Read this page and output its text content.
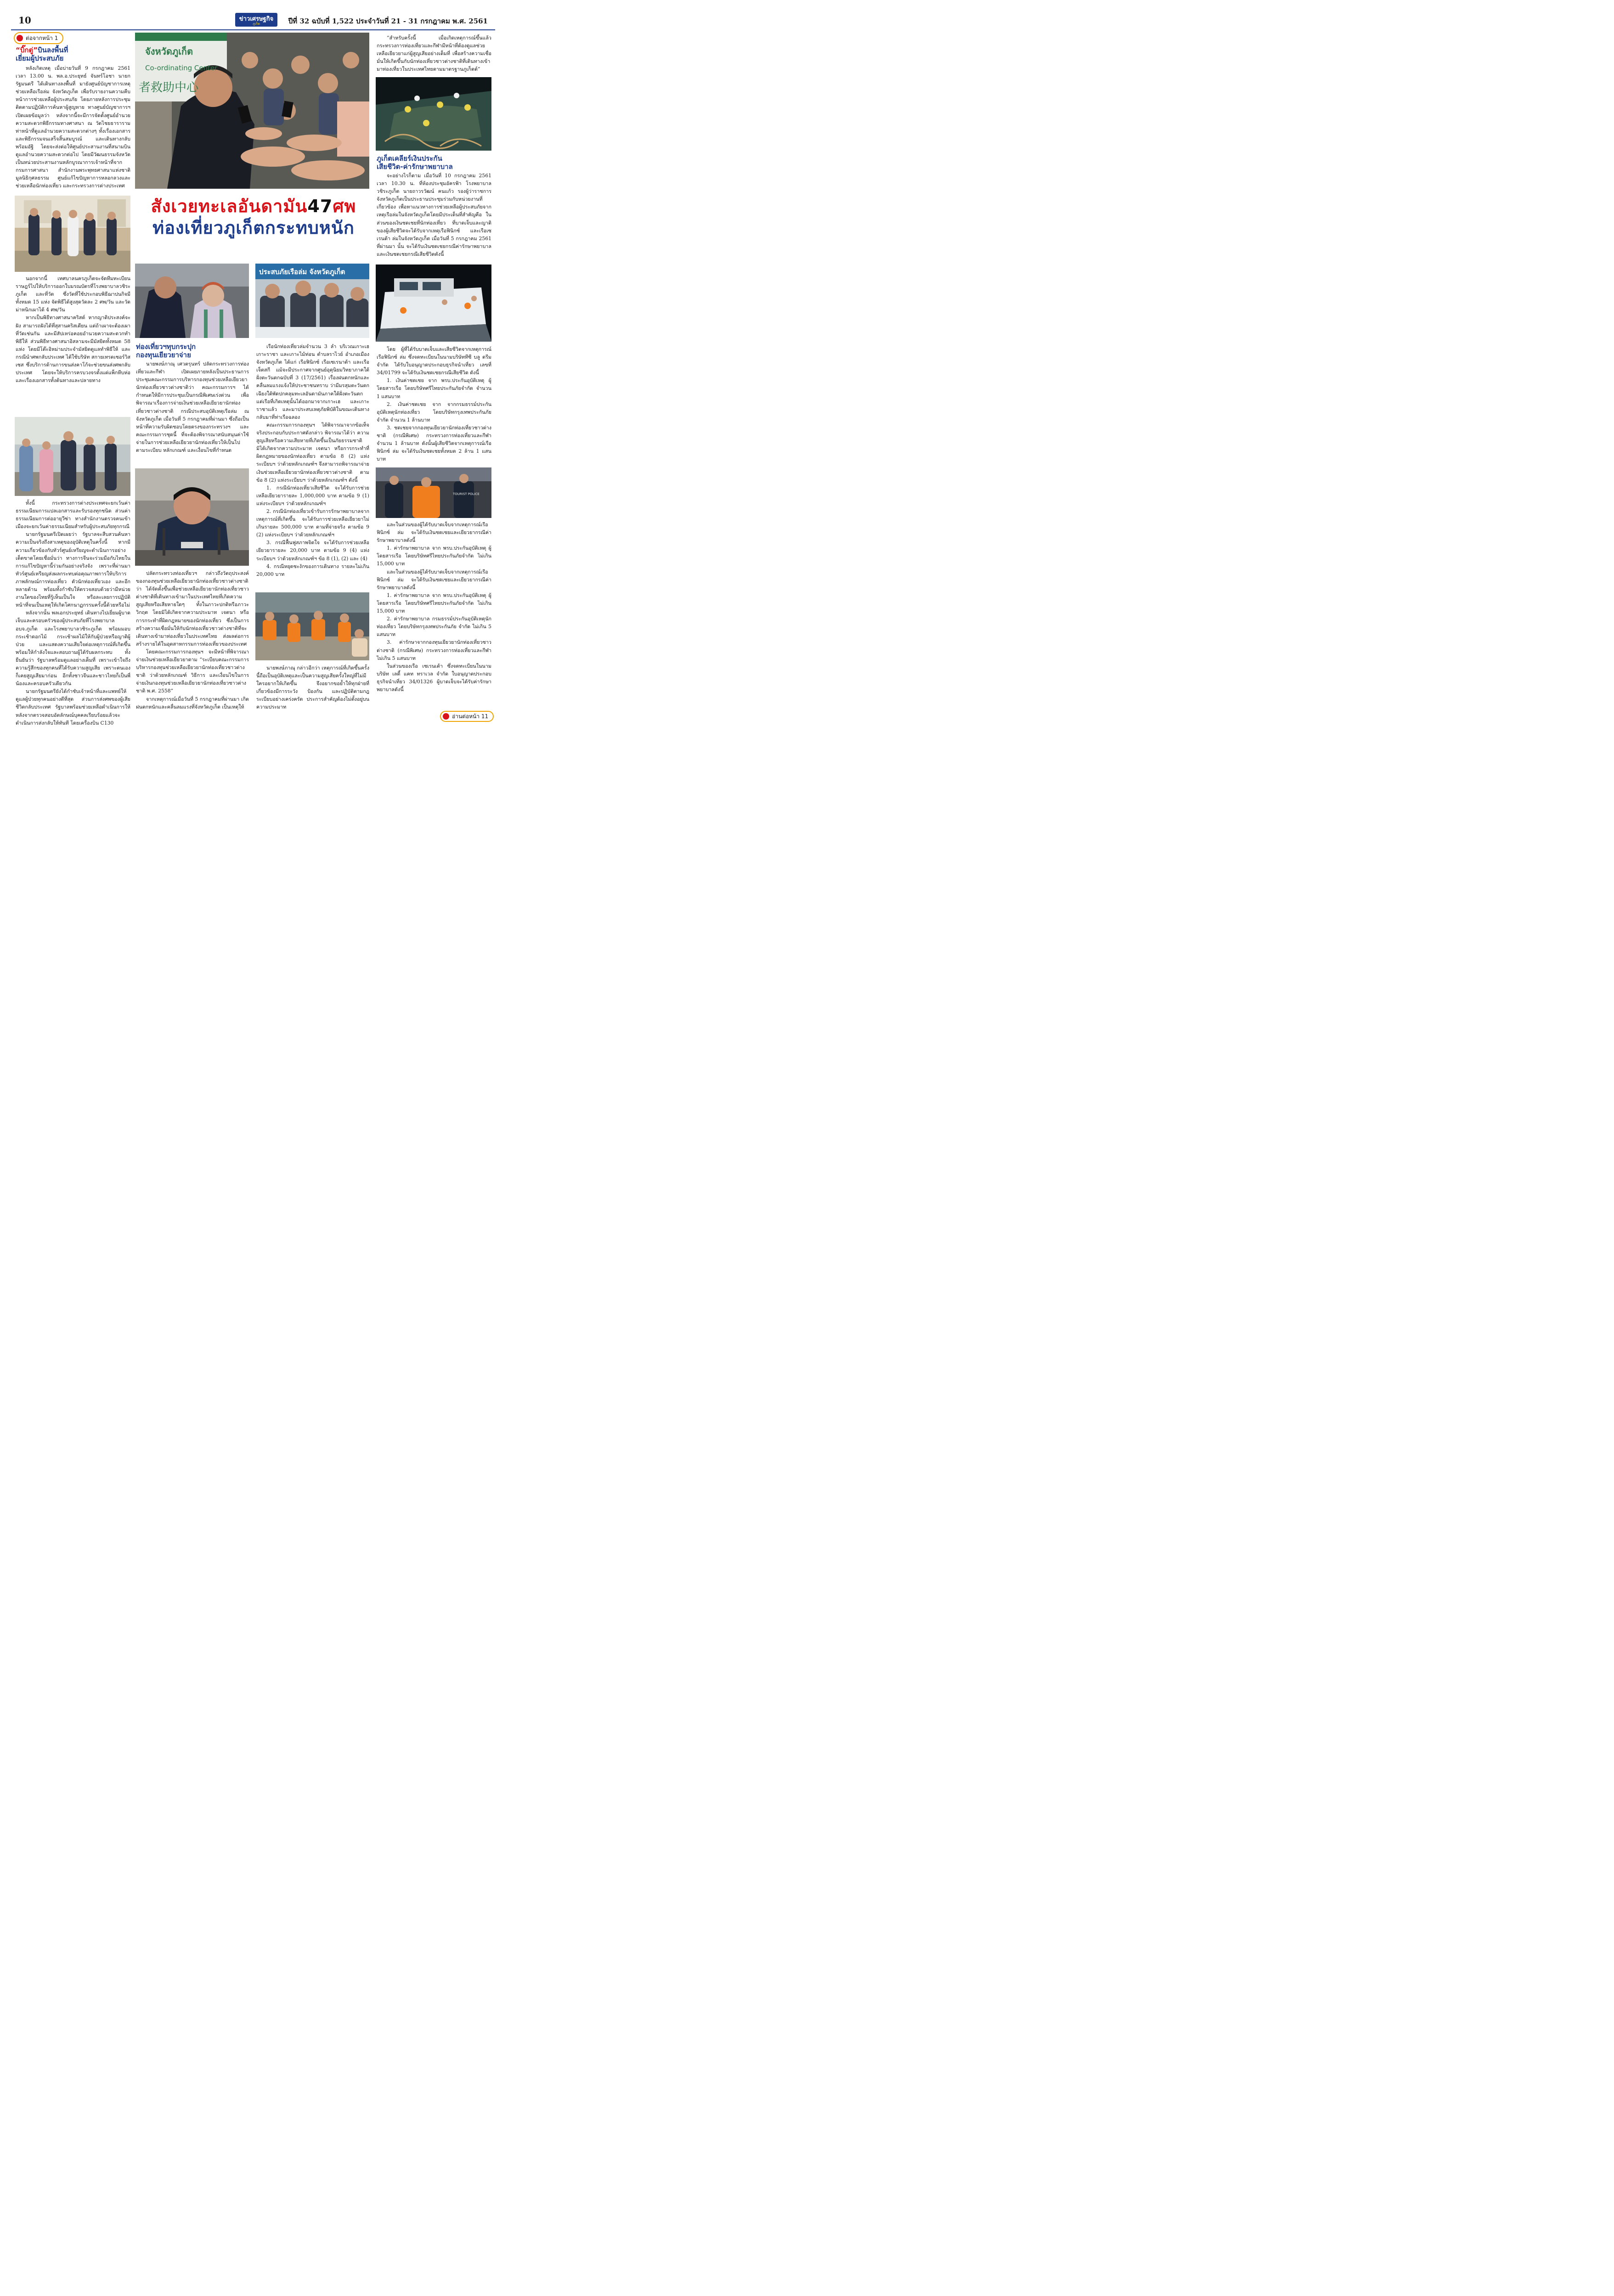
10	ข่าวเศรษฐกิจ
ภูเก็ต	ปีที่ 32 ฉบับที่ 1,522 ประจำวันที่ 21 - 31 กรกฎาคม พ.ศ. 2561
ต่อจากหน้า 1
“บิ๊กตู่”บินลงพื้นที่
เยี่ยมผู้ประสบภัย

หลังเกิดเหตุ เมื่อบ่ายวันที่ 9 กรกฎาคม 2561 เวลา 13.00 น. พล.อ.ประยุทธ์ จันทร์โอชา นายกรัฐมนตรี ได้เดินทางลงพื้นที่ มายังศูนย์บัญชาการเหตุช่วยเหลือเรือล่ม จังหวัดภูเก็ต เพื่อรับรายงานความคืบหน้าการช่วยเหลือผู้ประสบภัย โดยภายหลังการประชุมติดตามปฏิบัติการค้นหาผู้สูญหาย ทางศูนย์บัญชาการฯ เปิดเผยข้อมูลว่า หลังจากนี้จะมีการจัดตั้งศูนย์อำนวยความสะดวกพิธีกรรมทางศาสนา ณ วัดไชยธาราราม ท่าหน้าที่ดูแลอำนวยความสะดวกต่างๆ ทั้งเรื่องเอกสารและพิธีกรรมจนเสร็จสิ้นสมบูรณ์ และเดินทางกลับพร้อมอัฐิ โดยจะส่งต่อให้ศูนย์ประสานงานที่สนามบินดูแลอำนวยความสะดวกต่อไป โดยมีวัฒนธรรมจังหวัดเป็นหน่วยประสานงานหลักบูรณาการเจ้าหน้าที่จากกรมการศาสนา สำนักงานพระพุทธศาสนาแห่งชาติ มูลนิธิกุศลธรรม ศูนย์แก้ไขปัญหาการหลอกลวงและช่วยเหลือนักท่องเที่ยว และกระทรวงการต่างประเทศ

นอกจากนี้ เทศบาลนครภูเก็ตจะจัดทีมทะเบียนราษฎร์ไปให้บริการออกใบมรณบัตรที่โรงพยาบาลวชิระภูเก็ต และที่วัด ซึ่งวัดที่ใช้ประกอบพิธีฌาปนกิจมีทั้งหมด 15 แห่ง จัดพิธีได้สูงสุดวัดละ 2 ศพ/วัน และวัดม่าหนิกเผาได้ 4 ศพ/วัน

หากเป็นพิธีทางศาสนาคริสต์ หากญาติประสงค์จะฝัง สามารถฝังได้ที่สุสานคริสเตียน แต่ถ้าเผาจะต้องเผาที่วัดเช่นกัน และมีสัปเหร่อคอยอำนวยความสะดวกทำพิธีให้ ส่วนพิธีทางศาสนาอิสลามจะมีมัสยิดทั้งหมด 58 แห่ง โดยมีโต๊ะอิหม่ามประจำมัสยิดดูแลทำพิธีให้ และกรณีนำศพกลับประเทศ ได้ใช้บริษัท สกายเทรดเซอร์วิสเซส ซึ่งบริการด้านการขนส่งคาโก้จะช่วยขนส่งศพกลับประเทศ โดยจะให้บริการครบวงจรตั้งแต่แพ็กหีบห่อ และเรื่องเอกสารทั้งต้นทางและปลายทาง

ทั้งนี้ กระทรวงการต่างประเทศจะยกเว้นค่าธรรมเนียมการแปลเอกสารและรับรองทุกชนิด ส่วนค่าธรรมเนียมการต่ออายุวีซ่า ทางสำนักงานตรวจคนเข้าเมืองจะยกเว้นค่าธรรมเนียมสำหรับผู้ประสบภัยทุกกรณี

นายกรัฐมนตรีเปิดเผยว่า รัฐบาลจะสืบสวนค้นหาความเป็นจริงถึงสาเหตุของอุบัติเหตุในครั้งนี้ หากมีความเกี่ยวข้องกับทัวร์ศูนย์เหรียญจะดำเนินการอย่างเด็ดขาดโดยเชื่อมั่นว่า ทางการจีนจะร่วมมือกับไทยในการแก้ไขปัญหานี้ร่วมกันอย่างจริงจัง เพราะที่ผ่านมาทัวร์ศูนย์เหรียญส่งผลกระทบต่อคุณภาพการให้บริการ ภาพลักษณ์การท่องเที่ยว ตัวนักท่องเที่ยวเอง และอีกหลายด้าน พร้อมทั้งกำชับให้ตรวจสอบด้วยว่ามีหน่วยงานใดของไทยที่รู้เห็นเป็นใจ หรือละเลยการปฏิบัติหน้าที่จนเป็นเหตุให้เกิดโศกนาฏกรรมครั้งนี้ด้วยหรือไม่

หลังจากนั้น พลเอกประยุทธ์ เดินทางไปเยี่ยมผู้บาดเจ็บและครอบครัวของผู้ประสบภัยที่โรงพยาบาล อบจ.ภูเก็ต และโรงพยาบาลวชิระภูเก็ต พร้อมมอบกระเช้าดอกไม้ กระเช้าผลไม้ให้กับผู้ป่วยหรือญาติผู้ป่วย และแสดงความเสียใจต่อเหตุการณ์ที่เกิดขึ้น พร้อมให้กำลังใจและสอบถามผู้ได้รับผลกระทบ ทั้งยืนยันว่า รัฐบาลพร้อมดูแลอย่างเต็มที่ เพราะเข้าใจถึงความรู้สึกของทุกคนที่ได้รับความสูญเสีย เพราะตนเองก็เคยสูญเสียมาก่อน อีกทั้งชาวจีนและชาวไทยก็เป็นพี่น้องและครอบครัวเดียวกัน

นายกรัฐมนตรียังได้กำชับเจ้าหน้าที่และแพทย์ให้ดูแลผู้ป่วยทุกคนอย่างดีที่สุด ส่วนการส่งศพของผู้เสียชีวิตกลับประเทศ รัฐบาลพร้อมช่วยเหลือดำเนินการให้ หลังจากตรวจสอบอัตลักษณ์บุคคลเรียบร้อยแล้วจะดำเนินการส่งกลับให้ทันที โดยเครื่องบิน C130

จังหวัดภูเก็ต
Co-ordinating Center
者救助中心
สังเวยทะเลอันดามัน47ศพ
ท่องเที่ยวภูเก็ตกระทบหนัก
ประสบภัยเรือล่ม จังหวัดภูเก็ต
ท่องเที่ยวฯทุบกระปุก
กองทุนเยียวยาจ่าย

นายพงษ์ภาณุ เศวตรุนทร์ ปลัดกระทรวงการท่องเที่ยวและกีฬา เปิดเผยภายหลังเป็นประธานการประชุมคณะกรรมการบริหารกองทุนช่วยเหลือเยียวยานักท่องเที่ยวชาวต่างชาติว่า คณะกรรมการฯ ได้กำหนดให้มีการประชุมเป็นกรณีพิเศษเร่งด่วน เพื่อพิจารณาเรื่องการจ่ายเงินช่วยเหลือเยียวยานักท่องเที่ยวชาวต่างชาติ กรณีประสบอุบัติเหตุเรือล่ม ณ จังหวัดภูเก็ต เมื่อวันที่ 5 กรกฎาคมที่ผ่านมา ซึ่งถือเป็นหน้าที่ความรับผิดชอบโดยตรงของกระทรวงฯ และคณะกรรมการชุดนี้ ที่จะต้องพิจารณาสนับสนุนค่าใช้จ่ายในการช่วยเหลือเยียวยานักท่องเที่ยวให้เป็นไปตามระเบียบ หลักเกณฑ์ และเงื่อนไขที่กำหนด

ปลัดกระทรวงท่องเที่ยวฯ กล่าวถึงวัตถุประสงค์ของกองทุนช่วยเหลือเยียวยานักท่องเที่ยวชาวต่างชาติว่า ได้จัดตั้งขึ้นเพื่อช่วยเหลือเยียวยานักท่องเที่ยวชาวต่างชาติที่เดินทางเข้ามาในประเทศไทยที่เกิดความสูญเสียหรือเสียหายใดๆ ทั้งในภาวะปกติหรือภาวะวิกฤต โดยมิได้เกิดจากความประมาท เจตนา หรือการกระทำที่ผิดกฎหมายของนักท่องเที่ยว ซึ่งเป็นการสร้างความเชื่อมั่นให้กับนักท่องเที่ยวชาวต่างชาติที่จะเดินทางเข้ามาท่องเที่ยวในประเทศไทย ส่งผลต่อการสร้างรายได้ในอุตสาหกรรมการท่องเที่ยวของประเทศ

โดยคณะกรรมการกองทุนฯ จะมีหน้าที่พิจารณาจ่ายเงินช่วยเหลือเยียวยาตาม “ระเบียบคณะกรรมการบริหารกองทุนช่วยเหลือเยียวยานักท่องเที่ยวชาวต่างชาติ ว่าด้วยหลักเกณฑ์ วิธีการ และเงื่อนไขในการจ่ายเงินกองทุนช่วยเหลือเยียวยานักท่องเที่ยวชาวต่างชาติ พ.ศ. 2558”

จากเหตุการณ์เมื่อวันที่ 5 กรกฎาคมที่ผ่านมา เกิดฝนตกหนักและคลื่นลมแรงที่จังหวัดภูเก็ต เป็นเหตุให้

เรือนักท่องเที่ยวล่มจำนวน 3 ลำ บริเวณเกาะเฮ เกาะราชา และเกาะไม้ท่อน ตำบลราไวย์ อำเภอเมือง จังหวัดภูเก็ต ได้แก่ เรือฟินิกซ์ เรือเซเรนาต้า และเรือเจ็ตสกี แม้จะมีประกาศจากศูนย์อุตุนิยมวิทยาภาคใต้ฝั่งตะวันตกฉบับที่ 3 (17/2561) เรื่องฝนตกหนักและคลื่นลมแรงแจ้งให้ประชาชนทราบ ว่ามีมรสุมตะวันตกเฉียงใต้พัดปกคลุมทะเลอันดามันภาคใต้ฝั่งตะวันตก แต่เรือที่เกิดเหตุนั้นได้ออกมาจากเกาะเฮ และเกาะราชาแล้ว และมาประสบเหตุภัยพิบัติในขณะเดินทางกลับมาที่ท่าเรือฉลอง

คณะกรรมการกองทุนฯ ได้พิจารณาจากข้อเท็จจริงประกอบกับประกาศดังกล่าว พิจารณาได้ว่า ความสูญเสียหรือความเสียหายที่เกิดขึ้นเป็นภัยธรรมชาติ มิได้เกิดจากความประมาท เจตนา หรือการกระทำที่ผิดกฎหมายของนักท่องเที่ยว ตามข้อ 8 (2) แห่งระเบียบฯ ว่าด้วยหลักเกณฑ์ฯ จึงสามารถพิจารณาจ่ายเงินช่วยเหลือเยียวยานักท่องเที่ยวชาวต่างชาติ ตามข้อ 8 (2) แห่งระเบียบฯ ว่าด้วยหลักเกณฑ์ฯ ดังนี้

1. กรณีนักท่องเที่ยวเสียชีวิต จะได้รับการช่วยเหลือเยียวยารายละ 1,000,000 บาท ตามข้อ 9 (1) แห่งระเบียบฯ ว่าด้วยหลักเกณฑ์ฯ

2. กรณีนักท่องเที่ยวเข้ารับการรักษาพยาบาลจากเหตุการณ์ที่เกิดขึ้น จะได้รับการช่วยเหลือเยียวยาไม่เกินรายละ 500,000 บาท ตามที่จ่ายจริง ตามข้อ 9 (2) แห่งระเบียบฯ ว่าด้วยหลักเกณฑ์ฯ

3. กรณีฟื้นฟูสภาพจิตใจ จะได้รับการช่วยเหลือเยียวยารายละ 20,000 บาท ตามข้อ 9 (4) แห่งระเบียบฯ ว่าด้วยหลักเกณฑ์ฯ ข้อ 8 (1), (2) และ (4)

4. กรณีหยุดชะงักของการเดินทาง รายละไม่เกิน 20,000 บาท

นายพงษ์ภาณุ กล่าวอีกว่า เหตุการณ์ที่เกิดขึ้นครั้งนี้ถือเป็นอุบัติเหตุและเป็นความสูญเสียครั้งใหญ่ที่ไม่มีใครอยากให้เกิดขึ้น จึงอยากขอย้ำให้ทุกฝ่ายที่เกี่ยวข้องมีการระวัง ป้องกัน และปฏิบัติตามกฎระเบียบอย่างเคร่งครัด ประการสำคัญต้องไม่ตั้งอยู่บนความประมาท

“สำหรับครั้งนี้ เมื่อเกิดเหตุการณ์ขึ้นแล้ว กระทรวงการท่องเที่ยวและกีฬามีหน้าที่ต้องดูแลช่วยเหลือเยียวยาแก่ผู้สูญเสียอย่างเต็มที่ เพื่อสร้างความเชื่อมั่นให้เกิดขึ้นกับนักท่องเที่ยวชาวต่างชาติที่เดินทางเข้ามาท่องเที่ยวในประเทศไทยตามมาตรฐานภูเก็ตต์”

ภูเก็ตเคลียร์เงินประกัน
เสียชีวิต-ค่ารักษาพยาบาล

จะอย่างไรก็ตาม เมื่อวันที่ 10 กรกฎาคม 2561 เวลา 10.30 น. ที่ห้องประชุมอัครฟ้า โรงพยาบาลวชิระภูเก็ต นายถาวรวัฒน์ คนแก้ว รองผู้ว่าราชการจังหวัดภูเก็ตเป็นประธานประชุมร่วมกับหน่วยงานที่เกี่ยวข้อง เพื่อหาแนวทางการช่วยเหลือผู้ประสบภัยจากเหตุเรือล่มในจังหวัดภูเก็ตโดยมีประเด็นที่สำคัญคือ ในส่วนของเงินชดเชยที่นักท่องเที่ยว ที่บาดเจ็บและญาติของผู้เสียชีวิตจะได้รับจากเหตุเรือฟินิกซ์ และเรือเซเรนต้า ล่มในจังหวัดภูเก็ต เมื่อวันที่ 5 กรกฎาคม 2561 ที่ผ่านมา นั้น จะได้รับเงินชดเชยกรณีค่ารักษาพยาบาลและเงินชดเชยกรณีเสียชีวิตดังนี้

โดย ผู้ที่ได้รับบาดเจ็บและเสียชีวิตจากเหตุการณ์เรือฟินิกซ์ ล่ม ซึ่งจดทะเบียนในนามบริษัททีซี บลู ดรีม จำกัด ได้รับใบอนุญาตประกอบธุรกิจนำเที่ยว เลขที่ 34/01799 จะได้รับเงินชดเชยกรณีเสียชีวิต ดังนี้

1. เงินค่าชดเชย จาก พรบ.ประกันอุบัติเหตุ ผู้โดยสารเรือ โดยบริษัทศรีไทยประกันภัยจำกัด จำนวน 1 แสนบาท

2. เงินค่าชดเชย จาก จากกรมธรรม์ประกันอุบัติเหตุนักท่องเที่ยว โดยบริษัทกรุงเทพประกันภัย จำกัด จำนวน 1 ล้านบาท

3. ชดเชยจากกองทุนเยียวยานักท่องเที่ยวชาวต่างชาติ (กรณีพิเศษ) กระทรวงการท่องเที่ยวและกีฬา จำนวน 1 ล้านบาท ดังนั้นผู้เสียชีวิตจากเหตุการณ์เรือฟินิกซ์ ล่ม จะได้รับเงินชดเชยทั้งหมด 2 ล้าน 1 แสนบาท

TOURIST POLICE

และในส่วนของผู้ได้รับบาดเจ็บจากเหตุการณ์เรือฟินิกซ์ ล่ม จะได้รับเงินชดเชยและเยียวยากรณีค่ารักษาพยาบาลดังนี้

1. ค่ารักษาพยาบาล จาก พรบ.ประกันอุบัติเหตุ ผู้โดยสารเรือ โดยบริษัทศรีไทยประกันภัยจำกัด ไม่เกิน 15,000 บาท

และในส่วนของผู้ได้รับบาดเจ็บจากเหตุการณ์เรือฟินิกซ์ ล่ม จะได้รับเงินชดเชยและเยียวยากรณีค่ารักษาพยาบาลดังนี้

1. ค่ารักษาพยาบาล จาก พรบ.ประกันอุบัติเหตุ ผู้โดยสารเรือ โดยบริษัทศรีไทยประกันภัยจำกัด ไม่เกิน 15,000 บาท

2. ค่ารักษาพยาบาล กรมธรรม์ประกันอุบัติเหตุนักท่องเที่ยว โดยบริษัทกรุงเทพประกันภัย จำกัด ไม่เกิน 5 แสนบาท

3. ค่ารักษาจากกองทุนเยียวยานักท่องเที่ยวชาวต่างชาติ (กรณีพิเศษ) กระทรวงการท่องเที่ยวและกีฬา ไม่เกิน 5 แสนบาท

ในส่วนของเรือ เซเรนเต้า ซึ่งจดทะเบียนในนามบริษัท เลดี้ แคท ทราเวล จำกัด ใบอนุญาตประกอบธุรกิจนำเที่ยว 34/01326 ผู้บาดเจ็บจะได้รับค่ารักษาพยาบาลดังนี้

อ่านต่อหน้า 11
